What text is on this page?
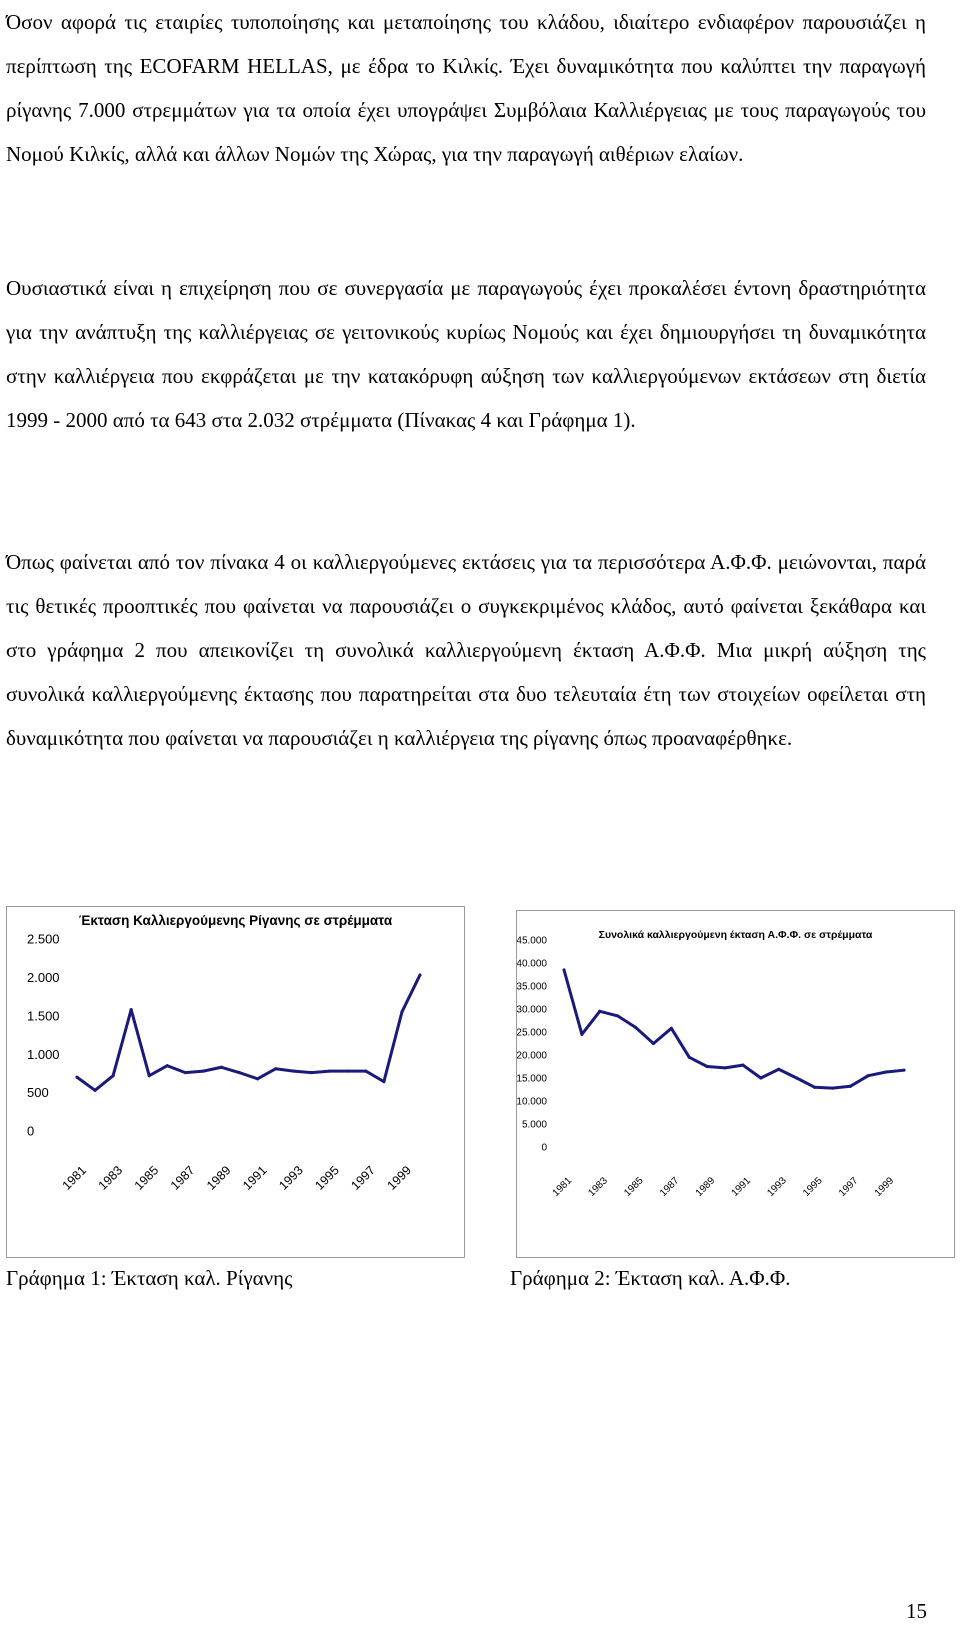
Όσον αφορά τις εταιρίες τυποποίησης και μεταποίησης του κλάδου, ιδιαίτερο ενδιαφέρον παρουσιάζει η περίπτωση της ECOFARM HELLAS, με έδρα το Κιλκίς. Έχει δυναμικότητα που καλύπτει την παραγωγή ρίγανης 7.000 στρεμμάτων για τα οποία έχει υπογράψει Συμβόλαια Καλλιέργειας με τους παραγωγούς του Νομού Κιλκίς, αλλά και άλλων Νομών της Χώρας, για την παραγωγή αιθέριων ελαίων.

Ουσιαστικά είναι η επιχείρηση που σε συνεργασία με παραγωγούς έχει προκαλέσει έντονη δραστηριότητα για την ανάπτυξη της καλλιέργειας σε γειτονικούς κυρίως Νομούς και έχει δημιουργήσει τη δυναμικότητα στην καλλιέργεια που εκφράζεται με την κατακόρυφη αύξηση των καλλιεργούμενων εκτάσεων στη διετία 1999 - 2000 από τα 643 στα 2.032 στρέμματα (Πίνακας 4 και Γράφημα 1).

Όπως φαίνεται από τον πίνακα 4 οι καλλιεργούμενες εκτάσεις για τα περισσότερα Α.Φ.Φ. μειώνονται, παρά τις θετικές προοπτικές που φαίνεται να παρουσιάζει ο συγκεκριμένος κλάδος, αυτό φαίνεται ξεκάθαρα και στο γράφημα 2 που απεικονίζει τη συνολικά καλλιεργούμενη έκταση Α.Φ.Φ. Μια μικρή αύξηση της συνολικά καλλιεργούμενης έκτασης που παρατηρείται στα δυο τελευταία έτη των στοιχείων οφείλεται στη δυναμικότητα που φαίνεται να παρουσιάζει η καλλιέργεια της ρίγανης όπως προαναφέρθηκε.

Έκταση Καλλιεργούμενης Ρίγανης σε στρέμματα
2.500
2.000
1.500
1.000
500
0
1981 1983 1985 1987 1989 1991 1993 1995 1997 1999
Συνολικά καλλιεργούμενη έκταση Α.Φ.Φ. σε στρέμματα
45.000
40.000
35.000
30.000
25.000
20.000
15.000
10.000
5.000
0
1981 1983 1985 1987 1989 1991 1993 1995 1997 1999
Γράφημα 1: Έκταση καλ. Ρίγανης	Γράφημα 2: Έκταση καλ. Α.Φ.Φ.
15
